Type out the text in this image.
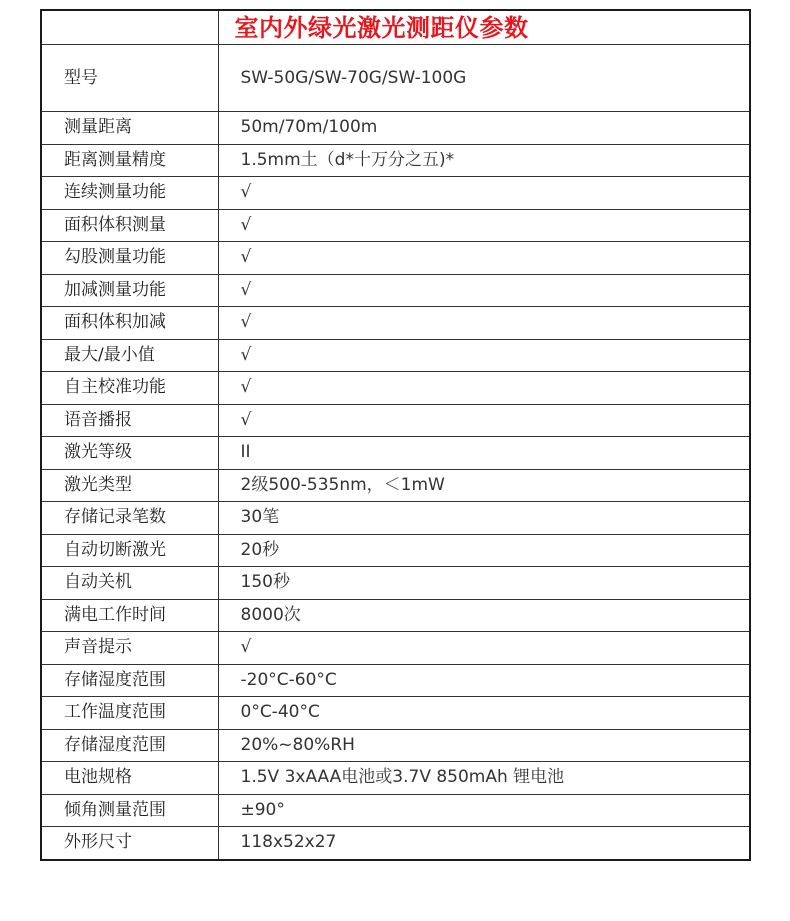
	室内外绿光激光测距仪参数
型号	SW-50G/SW-70G/SW-100G
测量距离	50m/70m/100m
距离测量精度	1.5mm土（d*十万分之五)*
连续测量功能	√
面积体积测量	√
勾股测量功能	√
加减测量功能	√
面积体积加减	√
最大/最小值	√
自主校准功能	√
语音播报	√
激光等级	II
激光类型	2级500-535nm，＜1mW
存储记录笔数	30笔
自动切断激光	20秒
自动关机	150秒
满电工作时间	8000次
声音提示	√
存储湿度范围	-20°C-60°C
工作温度范围	0°C-40°C
存储湿度范围	20%~80%RH
电池规格	1.5V 3xAAA电池或3.7V 850mAh 锂电池
倾角测量范围	±90°
外形尺寸	118x52x27
